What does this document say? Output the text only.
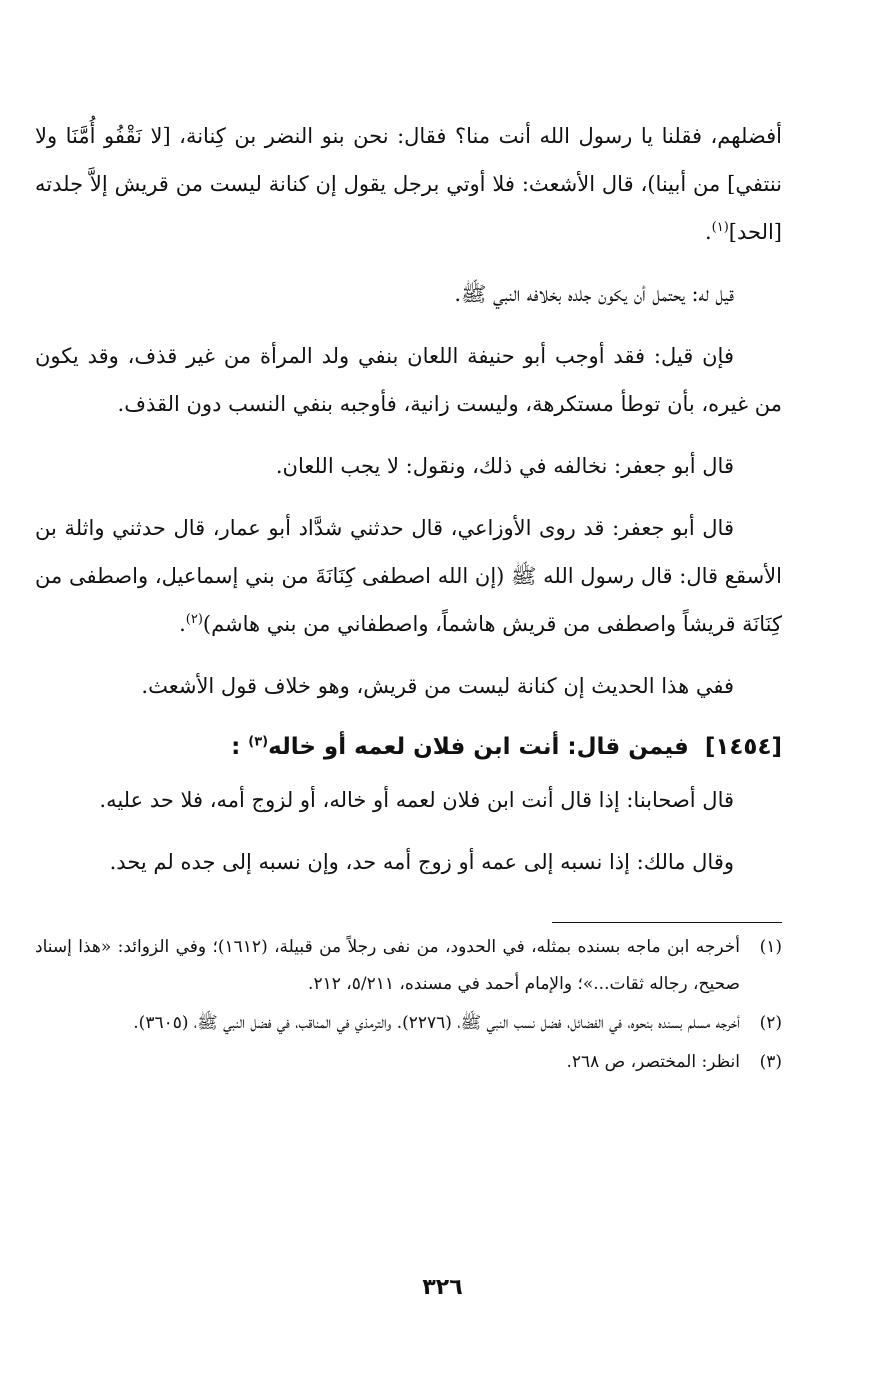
أفضلهم، فقلنا يا رسول الله أنت منا؟ فقال: نحن بنو النضر بن كِنانة، [لا نَقْفُو أُمَّنَا ولا ننتفي] من أبينا)، قال الأشعث: فلا أوتي برجل يقول إن كنانة ليست من قريش إلاَّ جلدته [الحد]$^{(١)}$.

قيل له: يحتمل أن يكون جلده بخلافه النبي ﷺ.

فإن قيل: فقد أوجب أبو حنيفة اللعان بنفي ولد المرأة من غير قذف، وقد يكون من غيره، بأن توطأ مستكرهة، وليست زانية، فأوجبه بنفي النسب دون القذف.

قال أبو جعفر: نخالفه في ذلك، ونقول: لا يجب اللعان.

قال أبو جعفر: قد روى الأوزاعي، قال حدثني شدَّاد أبو عمار، قال حدثني واثلة بن الأسقع قال: قال رسول الله ﷺ (إن الله اصطفى كِنَانَةَ من بني إسماعيل، واصطفى من كِنَانَة قريشاً واصطفى من قريش هاشماً، واصطفاني من بني هاشم)$^{(٢)}$.

ففي هذا الحديث إن كنانة ليست من قريش، وهو خلاف قول الأشعث.

[١٤٥٤]  فيمن قال: أنت ابن فلان لعمه أو خاله$^{(٣)}$ :

قال أصحابنا: إذا قال أنت ابن فلان لعمه أو خاله، أو لزوج أمه، فلا حد عليه.

وقال مالك: إذا نسبه إلى عمه أو زوج أمه حد، وإن نسبه إلى جده لم يحد.

(١)
أخرجه ابن ماجه بسنده بمثله، في الحدود، من نفى رجلاً من قبيلة، (١٦١٢)؛ وفي الزوائد: «هذا إسناد صحيح، رجاله ثقات...»؛ والإمام أحمد في مسنده، ٥/٢١١، ٢١٢.
(٢)
أخرجه مسلم بسنده بنحوه، في الفضائل، فضل نسب النبي ﷺ، (٢٢٧٦). والترمذي في المناقب، في فضل النبي ﷺ، (٣٦٠٥).
(٣)
انظر: المختصر، ص ٢٦٨.
٣٢٦
